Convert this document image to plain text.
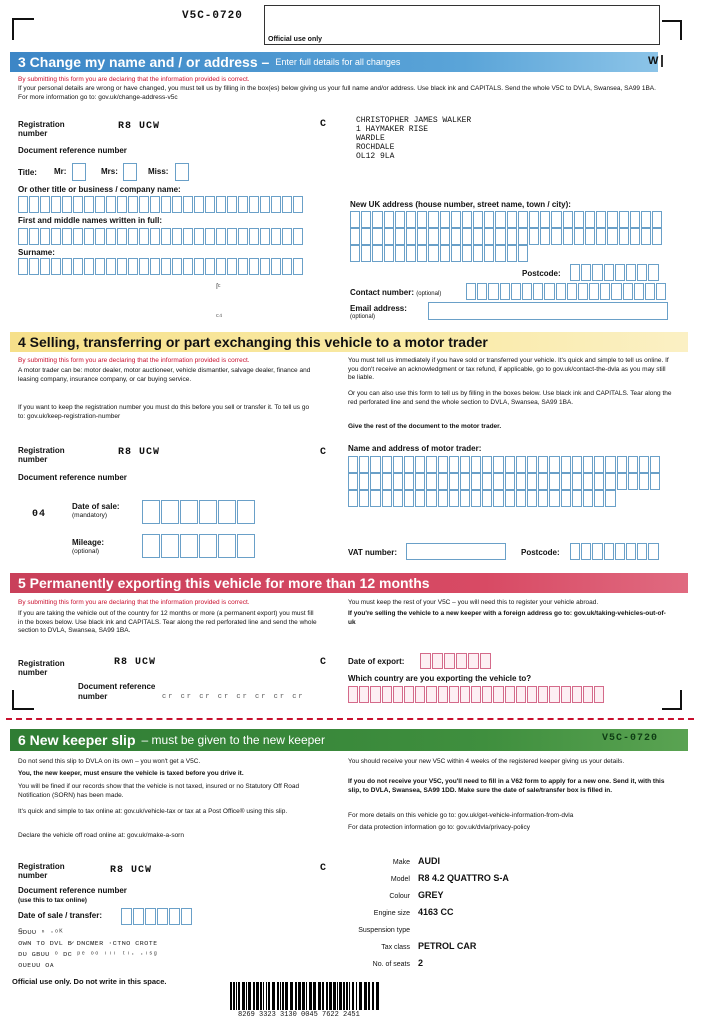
V5C-0720
Official use only
3 Change my name and / or address – Enter full details for all changes	W
By submitting this form you are declaring that the information provided is correct.
If your personal details are wrong or have changed, you must tell us by filling in the box(es) below giving us your full name and/or address. Use black ink and CAPITALS. Send the whole V5C to DVLA, Swansea, SA99 1BA. For more information go to: gov.uk/change-address-v5c
Registration number
R8 UCW	C
Document reference number
Title: Mr:	Mrs:	Miss:
Or other title or business / company name:
First and middle names written in full:
Surname:
ſᶜ
ᶜ⁴
CHRISTOPHER JAMES WALKER
1 HAYMAKER RISE
WARDLE
ROCHDALE
OL12 9LA
New UK address (house number, street name, town / city):
Postcode:
Contact number: (optional)
Email address:
(optional)
4 Selling, transferring or part exchanging this vehicle to a motor trader
By submitting this form you are declaring that the information provided is correct.
A motor trader can be: motor dealer, motor auctioneer, vehicle dismantler, salvage dealer, finance and leasing company, insurance company, or car buying service.
If you want to keep the registration number you must do this before you sell or transfer it. To tell us go to: gov.uk/keep-registration-number
You must tell us immediately if you have sold or transferred your vehicle. It's quick and simple to tell us online. If you don't receive an acknowledgment or tax refund, if applicable, go to gov.uk/contact-the-dvla as you may still be liable.
Or you can also use this form to tell us by filling in the boxes below. Use black ink and CAPITALS. Tear along the red perforated line and send the whole section to DVLA, Swansea, SA99 1BA.
Give the rest of the document to the motor trader.
Registration number
R8 UCW	C
Document reference number
04
Date of sale:
(mandatory)
Mileage:
(optional)
Name and address of motor trader:
VAT number:	Postcode:
5 Permanently exporting this vehicle for more than 12 months
By submitting this form you are declaring that the information provided is correct.
If you are taking the vehicle out of the country for 12 months or more (a permanent export) you must fill in the boxes below. Use black ink and CAPITALS. Tear along the red perforated line and send the whole section to DVLA, Swansea, SA99 1BA.
You must keep the rest of your V5C – you will need this to register your vehicle abroad.
If you're selling the vehicle to a new keeper with a foreign address go to: gov.uk/taking-vehicles-out-of-uk
Registration number
R8 UCW	C
Document reference number	cr cr cr cr cr cr cr cr
Date of export:
Which country are you exporting the vehicle to?
6 New keeper slip – must be given to the new keeper	V5C-0720
Do not send this slip to DVLA on its own – you won't get a V5C.
You, the new keeper, must ensure the vehicle is taxed before you drive it.
You will be fined if our records show that the vehicle is not taxed, insured or no Statutory Off Road Notification (SORN) has been made.
It's quick and simple to tax online at: gov.uk/vehicle-tax or tax at a Post Office® using this slip.
Declare the vehicle off road online at: gov.uk/make-a-sorn
You should receive your new V5C within 4 weeks of the registered keeper giving us your details.
If you do not receive your V5C, you'll need to fill in a V62 form to apply for a new one. Send it, with this slip, to DVLA, Swansea, SA99 1DD. Make sure the date of sale/transfer box is filled in.
For more details on this vehicle go to: gov.uk/get-vehicle-information-from-dvla
For data protection information go to: gov.uk/dvla/privacy-policy
Registration number	R8 UCW	C
Document reference number
(use this to tax online)
Date of sale / transfer:
Ꞩᴅᴜᴜ ⁿ ·ᵒᴷ
ᴏᴡɴ ᴛᴏ ᴅᴠʟ ʙ̷ ᴅɴᴄᴍᴇʀ ·ᴄᴛɴᴏ ᴄʀᴏᴛᴇ
ᴅᴜ ɢʙᴜᴜ ᵒ ᴅᴄ ᵖᵉ ᵒᵒ ᶦᶦᶦ ᵗᶦ· ·ᶦˢᵍ
ᴏᴜᴇᴜᴜ ᴏᴀ
Official use only. Do not write in this space.
Make AUDI
Model R8 4.2 QUATTRO S-A
Colour GREY
Engine size 4163 CC
Suspension type
Tax class PETROL CAR
No. of seats 2
8269 3323 3130 0045 7622 2451
